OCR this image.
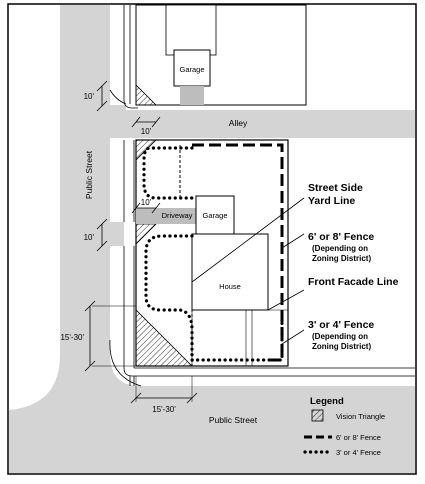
Garage
Garage
Driveway
House
Alley
Public Street
Public Street
10'
10'
10'
10'
15'-30'
15'-30'
Street Side
Yard Line
6' or 8' Fence
(Depending on
Zoning District)
Front Facade Line
3' or 4' Fence
(Depending on
Zoning District)
Legend
Vision Triangle
6' or 8' Fence
3' or 4' Fence
